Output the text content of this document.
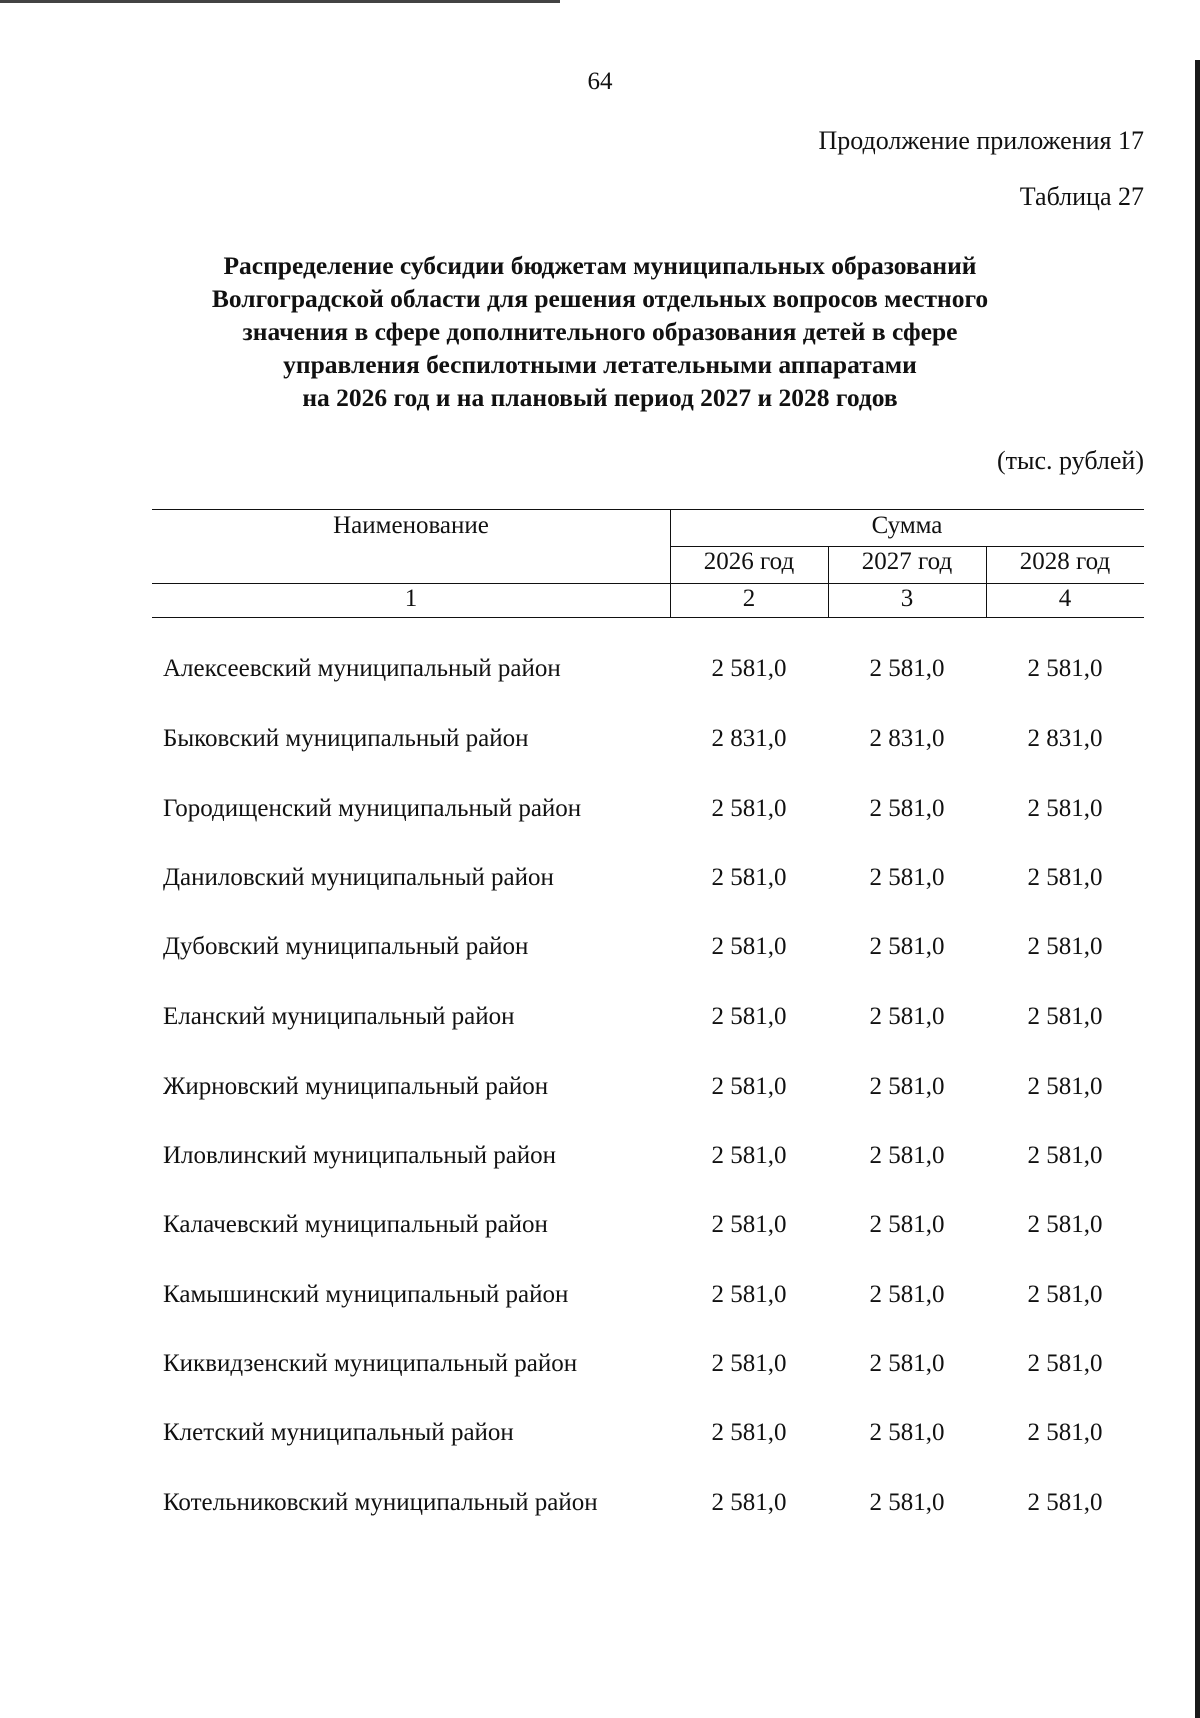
64
Продолжение приложения 17
Таблица 27
Распределение субсидии бюджетам муниципальных образований
Волгоградской области для решения отдельных вопросов местного
значения в сфере дополнительного образования детей в сфере
управления беспилотными летательными аппаратами
на 2026 год и на плановый период 2027 и 2028 годов
(тыс. рублей)
Наименование	Сумма
2026 год	2027 год	2028 год
1	2	3	4
Алексеевский муниципальный район	2 581,0	2 581,0	2 581,0
Быковский муниципальный район	2 831,0	2 831,0	2 831,0
Городищенский муниципальный район	2 581,0	2 581,0	2 581,0
Даниловский муниципальный район	2 581,0	2 581,0	2 581,0
Дубовский муниципальный район	2 581,0	2 581,0	2 581,0
Еланский муниципальный район	2 581,0	2 581,0	2 581,0
Жирновский муниципальный район	2 581,0	2 581,0	2 581,0
Иловлинский муниципальный район	2 581,0	2 581,0	2 581,0
Калачевский муниципальный район	2 581,0	2 581,0	2 581,0
Камышинский муниципальный район	2 581,0	2 581,0	2 581,0
Киквидзенский муниципальный район	2 581,0	2 581,0	2 581,0
Клетский муниципальный район	2 581,0	2 581,0	2 581,0
Котельниковский муниципальный район	2 581,0	2 581,0	2 581,0
